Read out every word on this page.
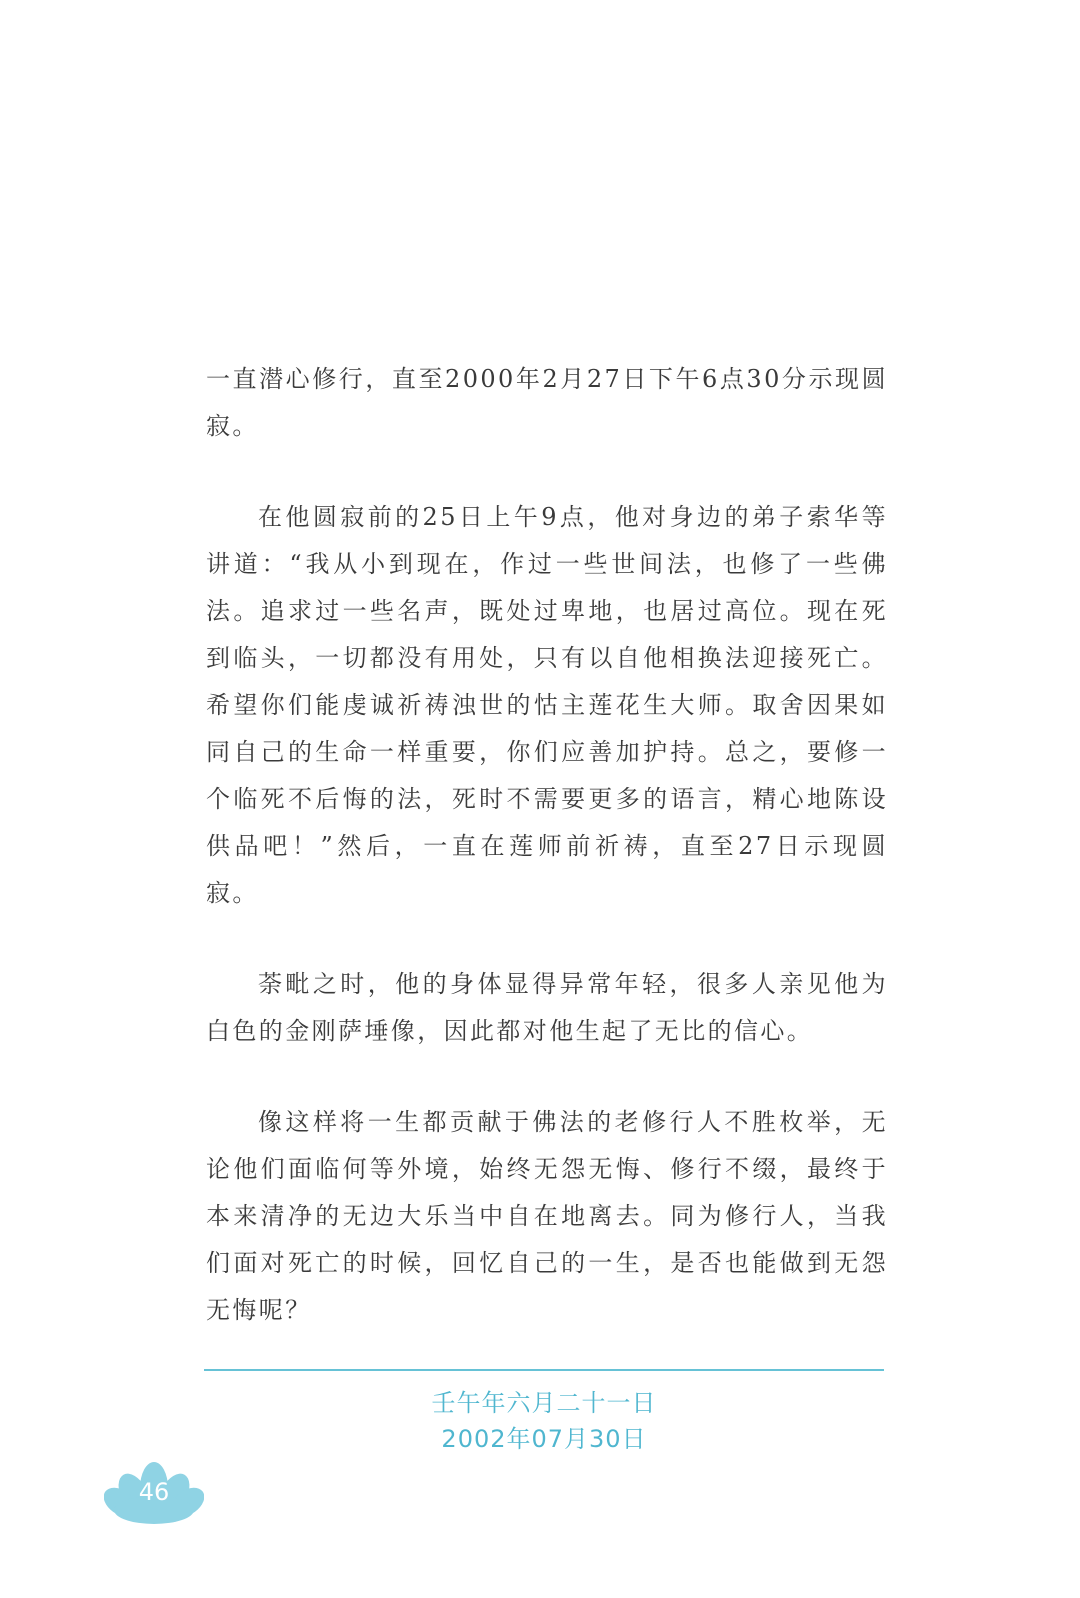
一直潜心修行，直至2000年2月27日下午6点30分示现圆寂。

在他圆寂前的25日上午9点，他对身边的弟子索华等讲道：“我从小到现在，作过一些世间法，也修了一些佛法。追求过一些名声，既处过卑地，也居过高位。现在死到临头，一切都没有用处，只有以自他相换法迎接死亡。希望你们能虔诚祈祷浊世的怙主莲花生大师。取舍因果如同自己的生命一样重要，你们应善加护持。总之，要修一个临死不后悔的法，死时不需要更多的语言，精心地陈设供品吧！”然后，一直在莲师前祈祷，直至27日示现圆寂。

荼毗之时，他的身体显得异常年轻，很多人亲见他为白色的金刚萨埵像，因此都对他生起了无比的信心。

像这样将一生都贡献于佛法的老修行人不胜枚举，无论他们面临何等外境，始终无怨无悔、修行不缀，最终于本来清净的无边大乐当中自在地离去。同为修行人，当我们面对死亡的时候，回忆自己的一生，是否也能做到无怨无悔呢？

壬午年六月二十一日
2002年07月30日
46
